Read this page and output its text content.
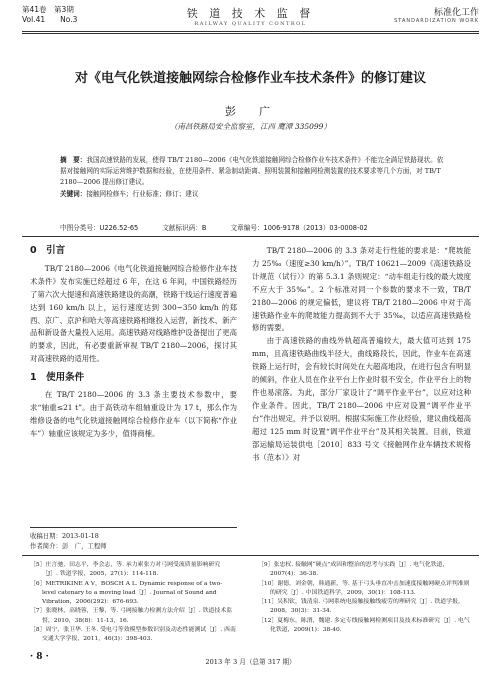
第41卷　第3期
Vol.41　　No.3	铁 道 技 术 监 督
RAILWAY QUALITY CONTROL
标准化工作
STANDARDIZATION WORK
对《电气化铁道接触网综合检修作业车技术条件》的修订建议
彭　广
（南昌铁路局安全监察室，江西 鹰潭 335099）
摘　要：我国高速铁路的发展，使得 TB/T 2180—2006《电气化铁道接触网综合检修作业车技术条件》不能完全满足铁路现状。依据对接触网的实际运营维护数据和经验，在使用条件、紧急制动距离、照明装置和接触网检测装置的技术要求等几个方面，对 TB/T 2180—2006 提出修订建议。
关键词：接触网检修车；行业标准；修订；建议
中图分类号：U226.52-65	文献标识码：B	文章编号：1006-9178（2013）03-0008-02
0　引言

TB/T 2180—2006《电气化铁道接触网综合检修作业车技术条件》发布实施已经超过 6 年，在这 6 年间，中国铁路经历了第六次大提速和高速铁路建设的高潮，铁路干线运行速度普遍达到 160 km/h 以上，运行速度达到 300~350 km/h 的郑西、京广、京沪和哈大等高速铁路相继投入运营，新技术、新产品和新设备大量投入运用。高速铁路对线路维护设备提出了更高的要求，因此，有必要重新审视 TB/T 2180—2006，探讨其对高速铁路的适用性。

1　使用条件

在 TB/T 2180—2006 的 3.3 条主要技术参数中，要求“轴重≤21 t”。由于高铁动车组轴重设计为 17 t，那么作为维修设备的电气化铁道接触网综合检修作业车（以下简称“作业车”）轴重应该规定为多少，值得商榷。

收稿日期：2013-01-18
作者简介：彭　广，工程师

TB/T 2180—2006 的 3.3 条对走行性能的要求是：“爬坡能力 25‰（速度≥30 km/h）”。TB/T 10621—2009《高速铁路设计规范（试行）》的第 5.3.1 条则规定：“动车组走行线的最大坡度不应大于 35‰”。2 个标准对同一个参数的要求不一致，TB/T 2180—2006 的规定偏低，建议将 TB/T 2180—2006 中对于高速铁路作业车的爬坡能力提高到不大于 35‰，以适应高速铁路检修的需要。

由于高速铁路的曲线外轨超高普遍较大，最大值可达到 175 mm，且高速铁路曲线半径大，曲线路段长，因此，作业车在高速铁路上运行时，会有较长时间处在大超高地段，在进行包含有明显的倾斜，作业人员在作业平台上作业时很不安全，作业平台上的物件也易滚落。为此，部分厂家设计了“调平作业平台”，以应对这种作业条件。因此，TB/T 2180—2006 中应对设置“调平作业平台”作出规定，并予以说明。根据实际施工作业经验，建议曲线超高超过 125 mm 时设置“调平作业平台”及其相关装置。目前，铁道部运输局运装供电［2010］833 号文《接触网作业车辆技术规格书（范本）》对

［5］庄言驰，田志平，李会志，等. 承力索张力对弓网受流质量影响研究［J］. 铁道学报，2005，27(1)：114-118.
［6］METRIKINE A V，BOSCH A L. Dynamic response of a two-level catenary to a moving load［J］. Journal of Sound and Vibration，2006(292)：676-693.
［7］张晓林，高晓蓉，王黎，等. 弓网接触力检测方法介绍［J］. 铁道技术监督，2010，38(8)：11-13，16.
［8］周宁，张卫华. 王冬. 受电弓等效模型参数识别及动态性能测试［J］. 西南交通大学学报，2011，46(3)：398-403.
［9］张忠权. 接触网“硬点”成因和整治的思考与实践［J］. 电气化铁道，2007(4)：36-38.
［10］谢德，刘金朝，韩通新，等. 基于弓头垂直冲击加速度接触网硬点评判准则的研究［J］. 中国铁道科学，2009，30(1)：108-113.
［11］吴积钦，钱清泉. 弓网系统电接触接触线疲劳的理研究［J］. 铁道学报，2008，30(3)：31-34.
［12］夏梅东，陈渭，魏建. 多定专线接触网检测项目及技术标准研究［J］. 电气化铁道，2009(1)：38-40.
· 8 ·	2013 年 3 月（总第 317 期）
